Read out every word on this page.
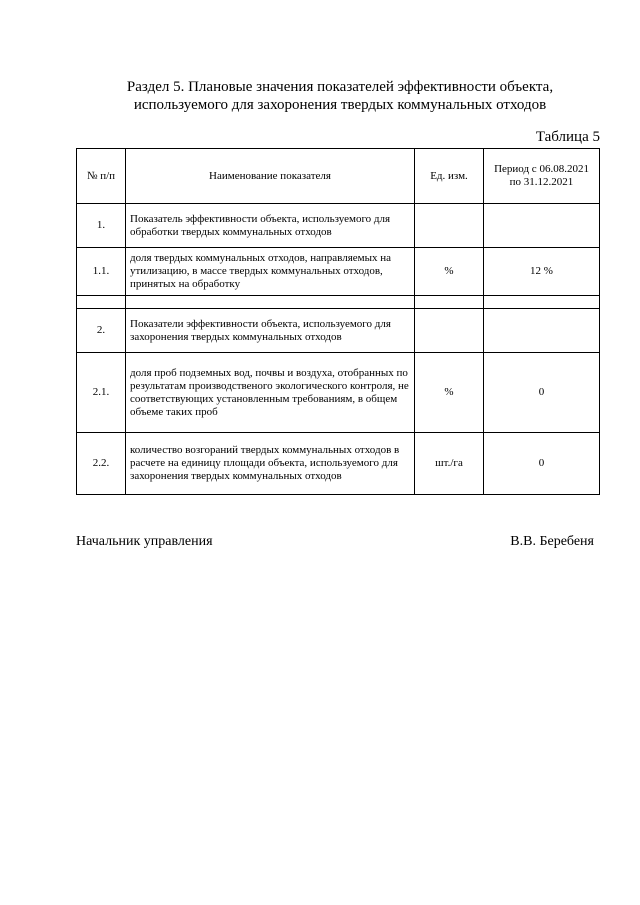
Раздел 5. Плановые значения показателей эффективности объекта,
используемого для захоронения твердых коммунальных отходов
Таблица 5
№ п/п	Наименование показателя	Ед. изм.	Период с 06.08.2021 по 31.12.2021
1.	Показатель эффективности объекта, используемого для обработки твердых коммунальных отходов		
1.1.	доля твердых коммунальных отходов, направляемых на утилизацию, в массе твердых коммунальных отходов, принятых на обработку	%	12 %

2.	Показатели эффективности объекта, используемого для захоронения твердых коммунальных отходов		
2.1.	доля проб подземных вод, почвы и воздуха, отобранных по результатам производственого экологического контроля, не соответствующих установленным требованиям, в общем объеме таких проб	%	0
2.2.	количество возгораний твердых коммунальных отходов в расчете на единицу площади объекта, используемого для захоронения твердых коммунальных отходов	шт./га	0
Начальник управления	В.В. Беребеня
